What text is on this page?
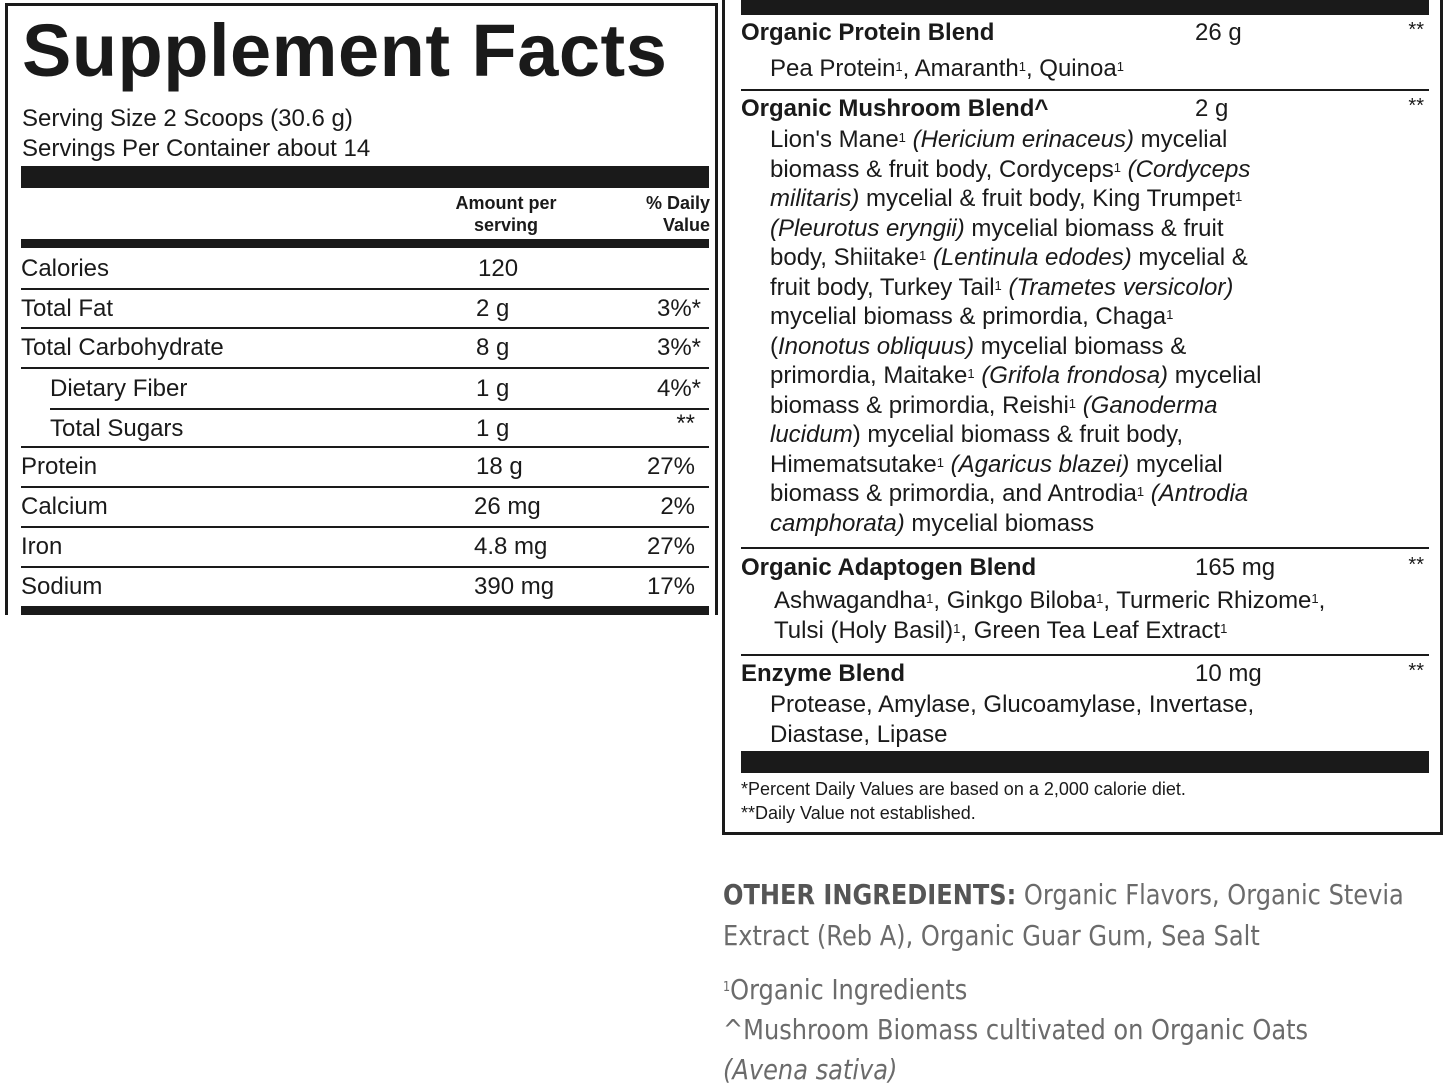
Supplement Facts
Serving Size 2 Scoops (30.6 g)
Servings Per Container about 14
Amount per
serving
% Daily
Value
Calories	120
Total Fat	2 g	3%*
Total Carbohydrate	8 g	3%*
Dietary Fiber	1 g	4%*
Total Sugars	1 g	**
Protein	18 g	27%
Calcium	26 mg	2%
Iron	4.8 mg	27%
Sodium	390 mg	17%
Organic Protein Blend	26 g	**
Pea Protein$^1$, Amaranth$^1$, Quinoa$^1$
Organic Mushroom Blend^	2 g	**
Lion's Mane$^1$ (Hericium erinaceus) mycelial
biomass & fruit body, Cordyceps$^1$ (Cordyceps
militaris) mycelial & fruit body, King Trumpet$^1$
(Pleurotus eryngii) mycelial biomass & fruit
body, Shiitake$^1$ (Lentinula edodes) mycelial &
fruit body, Turkey Tail$^1$ (Trametes versicolor)
mycelial biomass & primordia, Chaga$^1$
(Inonotus obliquus) mycelial biomass &
primordia, Maitake$^1$ (Grifola frondosa) mycelial
biomass & primordia, Reishi$^1$ (Ganoderma
lucidum) mycelial biomass & fruit body,
Himematsutake$^1$ (Agaricus blazei) mycelial
biomass & primordia, and Antrodia$^1$ (Antrodia
camphorata) mycelial biomass
Organic Adaptogen Blend	165 mg	**
Ashwagandha$^1$, Ginkgo Biloba$^1$, Turmeric Rhizome$^1$,
Tulsi (Holy Basil)$^1$, Green Tea Leaf Extract$^1$
Enzyme Blend	10 mg	**
Protease, Amylase, Glucoamylase, Invertase,
Diastase, Lipase
*Percent Daily Values are based on a 2,000 calorie diet.
**Daily Value not established.
OTHER INGREDIENTS: Organic Flavors, Organic Stevia Extract (Reb A), Organic Guar Gum, Sea Salt
$^1$Organic Ingredients
^Mushroom Biomass cultivated on Organic Oats
(Avena sativa)
